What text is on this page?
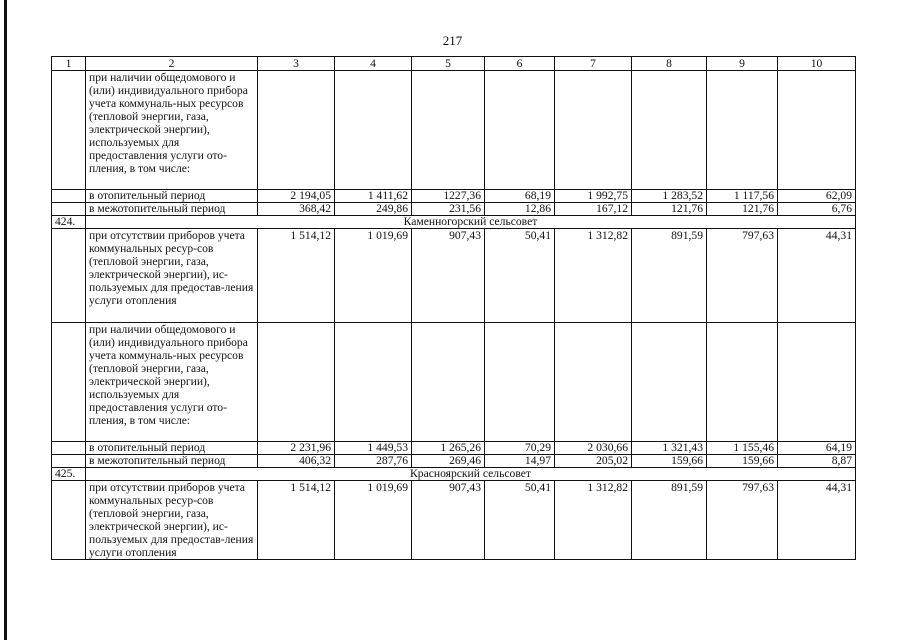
217
1	2	3	4	5	6	7	8	9	10
	при наличии общедомового и (или) индивидуального прибора учета коммуналь-ных ресурсов (тепловой энергии, газа, электрической энергии), используемых для предоставления услуги ото-пления, в том числе:								
	в отопительный период	2 194,05	1 411,62	1227,36	68,19	1 992,75	1 283,52	1 117,56	62,09
	в межотопительный период	368,42	249,86	231,56	12,86	167,12	121,76	121,76	6,76
424.	Каменногорский сельсовет								
	при отсутствии приборов учета коммунальных ресур-сов (тепловой энергии, газа, электрической энергии), ис-пользуемых для предостав-ления услуги отопления	1 514,12	1 019,69	907,43	50,41	1 312,82	891,59	797,63	44,31
	при наличии общедомового и (или) индивидуального прибора учета коммуналь-ных ресурсов (тепловой энергии, газа, электрической энергии), используемых для предоставления услуги ото-пления, в том числе:								
	в отопительный период	2 231,96	1 449,53	1 265,26	70,29	2 030,66	1 321,43	1 155,46	64,19
	в межотопительный период	406,32	287,76	269,46	14,97	205,02	159,66	159,66	8,87
425.	Красноярский сельсовет								
	при отсутствии приборов учета коммунальных ресур-сов (тепловой энергии, газа, электрической энергии), ис-пользуемых для предостав-ления услуги отопления	1 514,12	1 019,69	907,43	50,41	1 312,82	891,59	797,63	44,31
